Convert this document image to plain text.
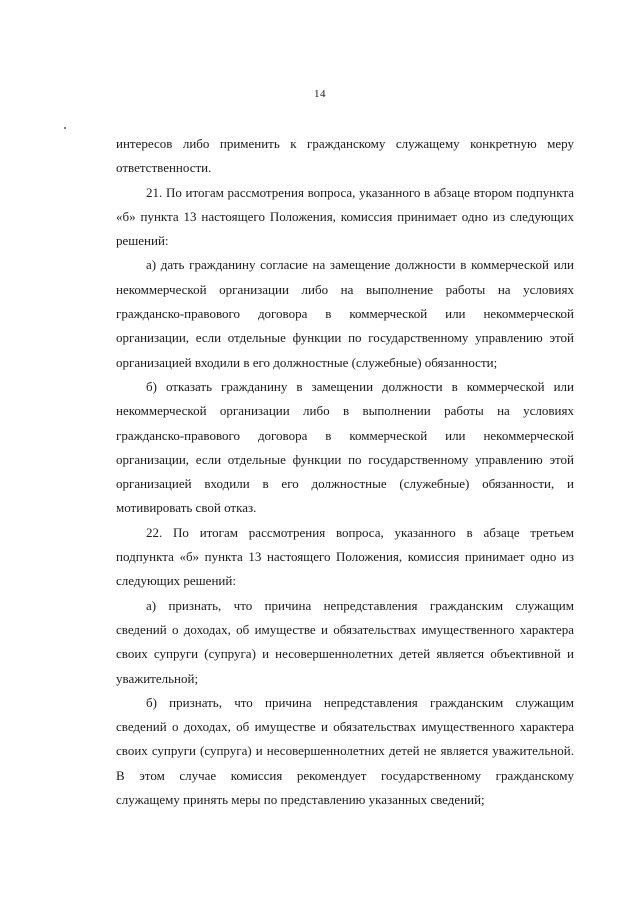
14

интересов либо применить к гражданскому служащему конкретную меру
ответственности.

21. По итогам рассмотрения вопроса, указанного в абзаце втором подпункта
«б» пункта 13 настоящего Положения, комиссия принимает одно из следующих
решений:

а) дать гражданину согласие на замещение должности в коммерческой или
некоммерческой организации либо на выполнение работы на условиях
гражданско-правового договора в коммерческой или некоммерческой
организации, если отдельные функции по государственному управлению этой
организацией входили в его должностные (служебные) обязанности;

б) отказать гражданину в замещении должности в коммерческой или
некоммерческой организации либо в выполнении работы на условиях
гражданско-правового договора в коммерческой или некоммерческой
организации, если отдельные функции по государственному управлению этой
организацией входили в его должностные (служебные) обязанности, и
мотивировать свой отказ.

22. По итогам рассмотрения вопроса, указанного в абзаце третьем
подпункта «б» пункта 13 настоящего Положения, комиссия принимает одно из
следующих решений:

а) признать, что причина непредставления гражданским служащим
сведений о доходах, об имуществе и обязательствах имущественного характера
своих супруги (супруга) и несовершеннолетних детей является объективной и
уважительной;

б) признать, что причина непредставления гражданским служащим
сведений о доходах, об имуществе и обязательствах имущественного характера
своих супруги (супруга) и несовершеннолетних детей не является уважительной.
В этом случае комиссия рекомендует государственному гражданскому
служащему принять меры по представлению указанных сведений;
